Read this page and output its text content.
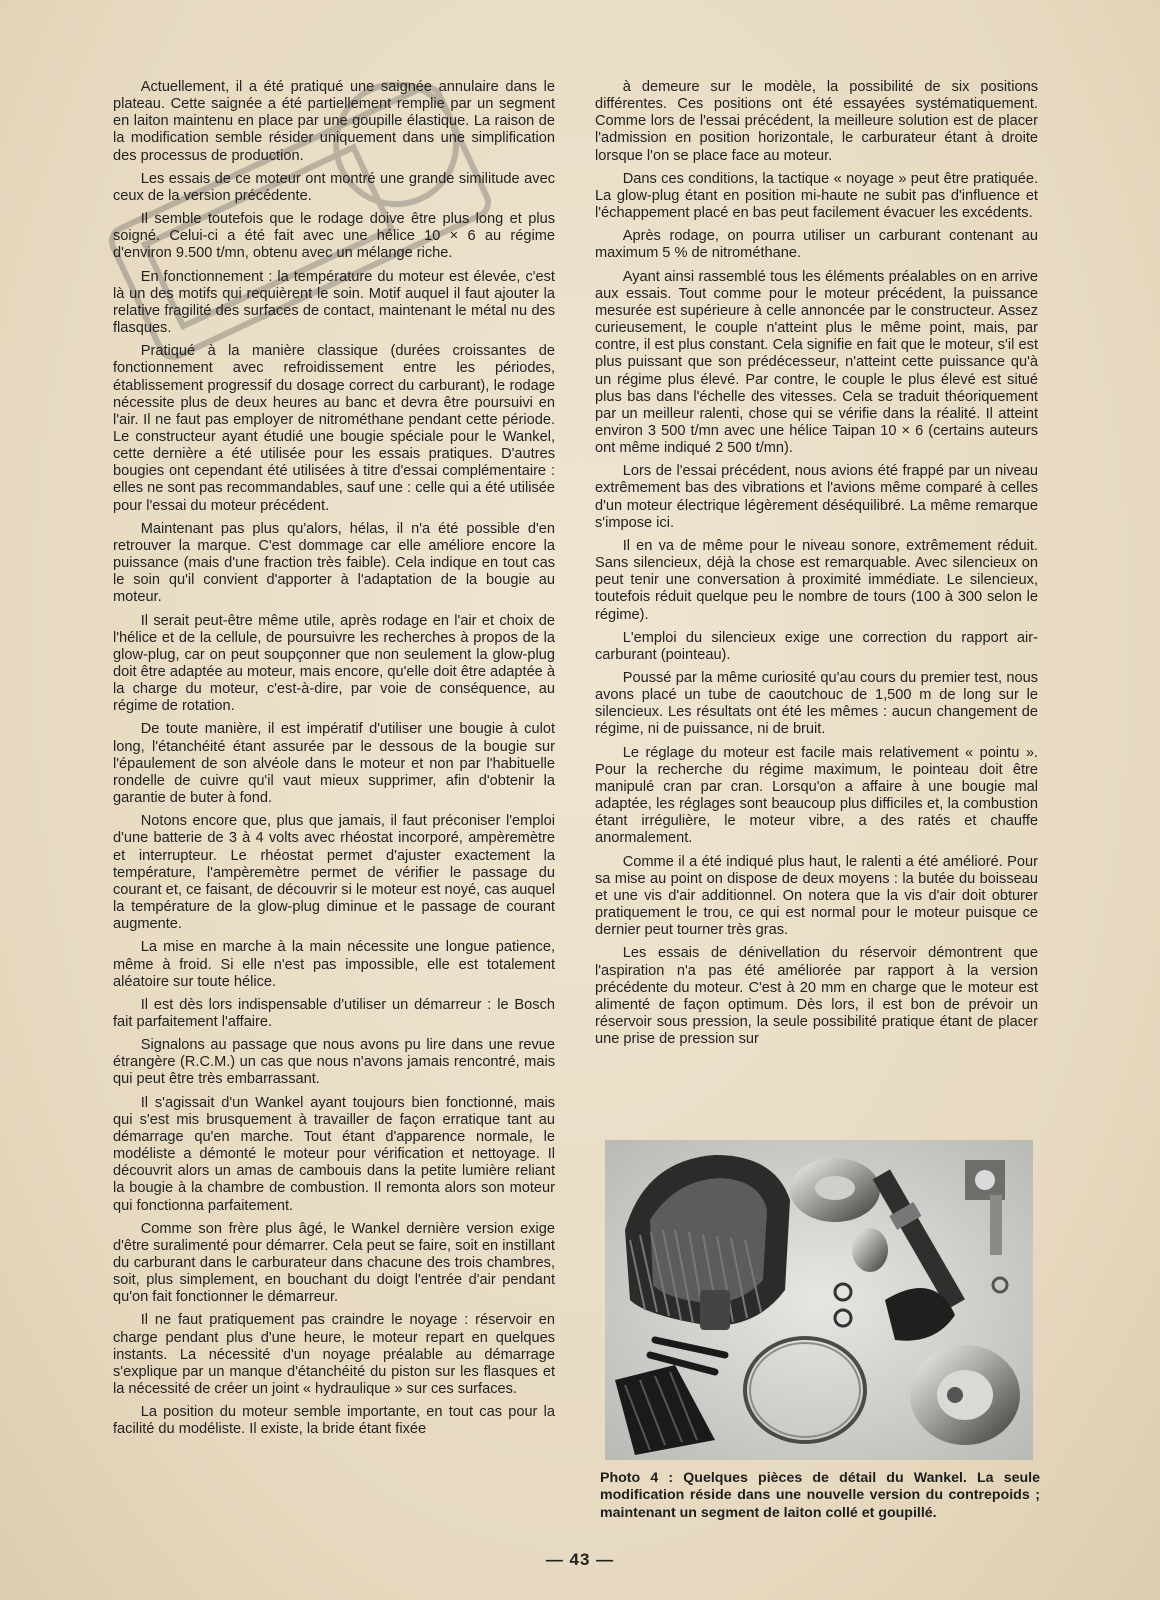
Actuellement, il a été pratiqué une saignée annulaire dans le plateau. Cette saignée a été partiellement remplie par un segment en laiton maintenu en place par une goupille élastique. La raison de la modification semble résider uniquement dans une simplification des processus de production.

Les essais de ce moteur ont montré une grande similitude avec ceux de la version précédente.

Il semble toutefois que le rodage doive être plus long et plus soigné. Celui-ci a été fait avec une hélice 10 × 6 au régime d'environ 9.500 t/mn, obtenu avec un mélange riche.

En fonctionnement : la température du moteur est élevée, c'est là un des motifs qui requièrent le soin. Motif auquel il faut ajouter la relative fragilité des surfaces de contact, maintenant le métal nu des flasques.

Pratiqué à la manière classique (durées croissantes de fonctionnement avec refroidissement entre les périodes, établissement progressif du dosage correct du carburant), le rodage nécessite plus de deux heures au banc et devra être poursuivi en l'air. Il ne faut pas employer de nitrométhane pendant cette période. Le constructeur ayant étudié une bougie spéciale pour le Wankel, cette dernière a été utilisée pour les essais pratiques. D'autres bougies ont cependant été utilisées à titre d'essai complémentaire : elles ne sont pas recommandables, sauf une : celle qui a été utilisée pour l'essai du moteur précédent.

Maintenant pas plus qu'alors, hélas, il n'a été possible d'en retrouver la marque. C'est dommage car elle améliore encore la puissance (mais d'une fraction très faible). Cela indique en tout cas le soin qu'il convient d'apporter à l'adaptation de la bougie au moteur.

Il serait peut-être même utile, après rodage en l'air et choix de l'hélice et de la cellule, de poursuivre les recherches à propos de la glow-plug, car on peut soupçonner que non seulement la glow-plug doit être adaptée au moteur, mais encore, qu'elle doit être adaptée à la charge du moteur, c'est-à-dire, par voie de conséquence, au régime de rotation.

De toute manière, il est impératif d'utiliser une bougie à culot long, l'étanchéité étant assurée par le dessous de la bougie sur l'épaulement de son alvéole dans le moteur et non par l'habituelle rondelle de cuivre qu'il vaut mieux supprimer, afin d'obtenir la garantie de buter à fond.

Notons encore que, plus que jamais, il faut préconiser l'emploi d'une batterie de 3 à 4 volts avec rhéostat incorporé, ampèremètre et interrupteur. Le rhéostat permet d'ajuster exactement la température, l'ampèremètre permet de vérifier le passage du courant et, ce faisant, de découvrir si le moteur est noyé, cas auquel la température de la glow-plug diminue et le passage de courant augmente.

La mise en marche à la main nécessite une longue patience, même à froid. Si elle n'est pas impossible, elle est totalement aléatoire sur toute hélice.

Il est dès lors indispensable d'utiliser un démarreur : le Bosch fait parfaitement l'affaire.

Signalons au passage que nous avons pu lire dans une revue étrangère (R.C.M.) un cas que nous n'avons jamais rencontré, mais qui peut être très embarrassant.

Il s'agissait d'un Wankel ayant toujours bien fonctionné, mais qui s'est mis brusquement à travailler de façon erratique tant au démarrage qu'en marche. Tout étant d'apparence normale, le modéliste a démonté le moteur pour vérification et nettoyage. Il découvrit alors un amas de cambouis dans la petite lumière reliant la bougie à la chambre de combustion. Il remonta alors son moteur qui fonctionna parfaitement.

Comme son frère plus âgé, le Wankel dernière version exige d'être suralimenté pour démarrer. Cela peut se faire, soit en instillant du carburant dans le carburateur dans chacune des trois chambres, soit, plus simplement, en bouchant du doigt l'entrée d'air pendant qu'on fait fonctionner le démarreur.

Il ne faut pratiquement pas craindre le noyage : réservoir en charge pendant plus d'une heure, le moteur repart en quelques instants. La nécessité d'un noyage préalable au démarrage s'explique par un manque d'étanchéité du piston sur les flasques et la nécessité de créer un joint « hydraulique » sur ces surfaces.

La position du moteur semble importante, en tout cas pour la facilité du modéliste. Il existe, la bride étant fixée

à demeure sur le modèle, la possibilité de six positions différentes. Ces positions ont été essayées systématiquement. Comme lors de l'essai précédent, la meilleure solution est de placer l'admission en position horizontale, le carburateur étant à droite lorsque l'on se place face au moteur.

Dans ces conditions, la tactique « noyage » peut être pratiquée. La glow-plug étant en position mi-haute ne subit pas d'influence et l'échappement placé en bas peut facilement évacuer les excédents.

Après rodage, on pourra utiliser un carburant contenant au maximum 5 % de nitrométhane.

Ayant ainsi rassemblé tous les éléments préalables on en arrive aux essais. Tout comme pour le moteur précédent, la puissance mesurée est supérieure à celle annoncée par le constructeur. Assez curieusement, le couple n'atteint plus le même point, mais, par contre, il est plus constant. Cela signifie en fait que le moteur, s'il est plus puissant que son prédécesseur, n'atteint cette puissance qu'à un régime plus élevé. Par contre, le couple le plus élevé est situé plus bas dans l'échelle des vitesses. Cela se traduit théoriquement par un meilleur ralenti, chose qui se vérifie dans la réalité. Il atteint environ 3 500 t/mn avec une hélice Taipan 10 × 6 (certains auteurs ont même indiqué 2 500 t/mn).

Lors de l'essai précédent, nous avions été frappé par un niveau extrêmement bas des vibrations et l'avions même comparé à celles d'un moteur électrique légèrement déséquilibré. La même remarque s'impose ici.

Il en va de même pour le niveau sonore, extrêmement réduit. Sans silencieux, déjà la chose est remarquable. Avec silencieux on peut tenir une conversation à proximité immédiate. Le silencieux, toutefois réduit quelque peu le nombre de tours (100 à 300 selon le régime).

L'emploi du silencieux exige une correction du rapport air-carburant (pointeau).

Poussé par la même curiosité qu'au cours du premier test, nous avons placé un tube de caoutchouc de 1,500 m de long sur le silencieux. Les résultats ont été les mêmes : aucun changement de régime, ni de puissance, ni de bruit.

Le réglage du moteur est facile mais relativement « pointu ». Pour la recherche du régime maximum, le pointeau doit être manipulé cran par cran. Lorsqu'on a affaire à une bougie mal adaptée, les réglages sont beaucoup plus difficiles et, la combustion étant irrégulière, le moteur vibre, a des ratés et chauffe anormalement.

Comme il a été indiqué plus haut, le ralenti a été amélioré. Pour sa mise au point on dispose de deux moyens : la butée du boisseau et une vis d'air additionnel. On notera que la vis d'air doit obturer pratiquement le trou, ce qui est normal pour le moteur puisque ce dernier peut tourner très gras.

Les essais de dénivellation du réservoir démontrent que l'aspiration n'a pas été améliorée par rapport à la version précédente du moteur. C'est à 20 mm en charge que le moteur est alimenté de façon optimum. Dès lors, il est bon de prévoir un réservoir sous pression, la seule possibilité pratique étant de placer une prise de pression sur

Photo 4 : Quelques pièces de détail du Wankel. La seule modification réside dans une nouvelle version du contrepoids ; maintenant un segment de laiton collé et goupillé.
— 43 —
